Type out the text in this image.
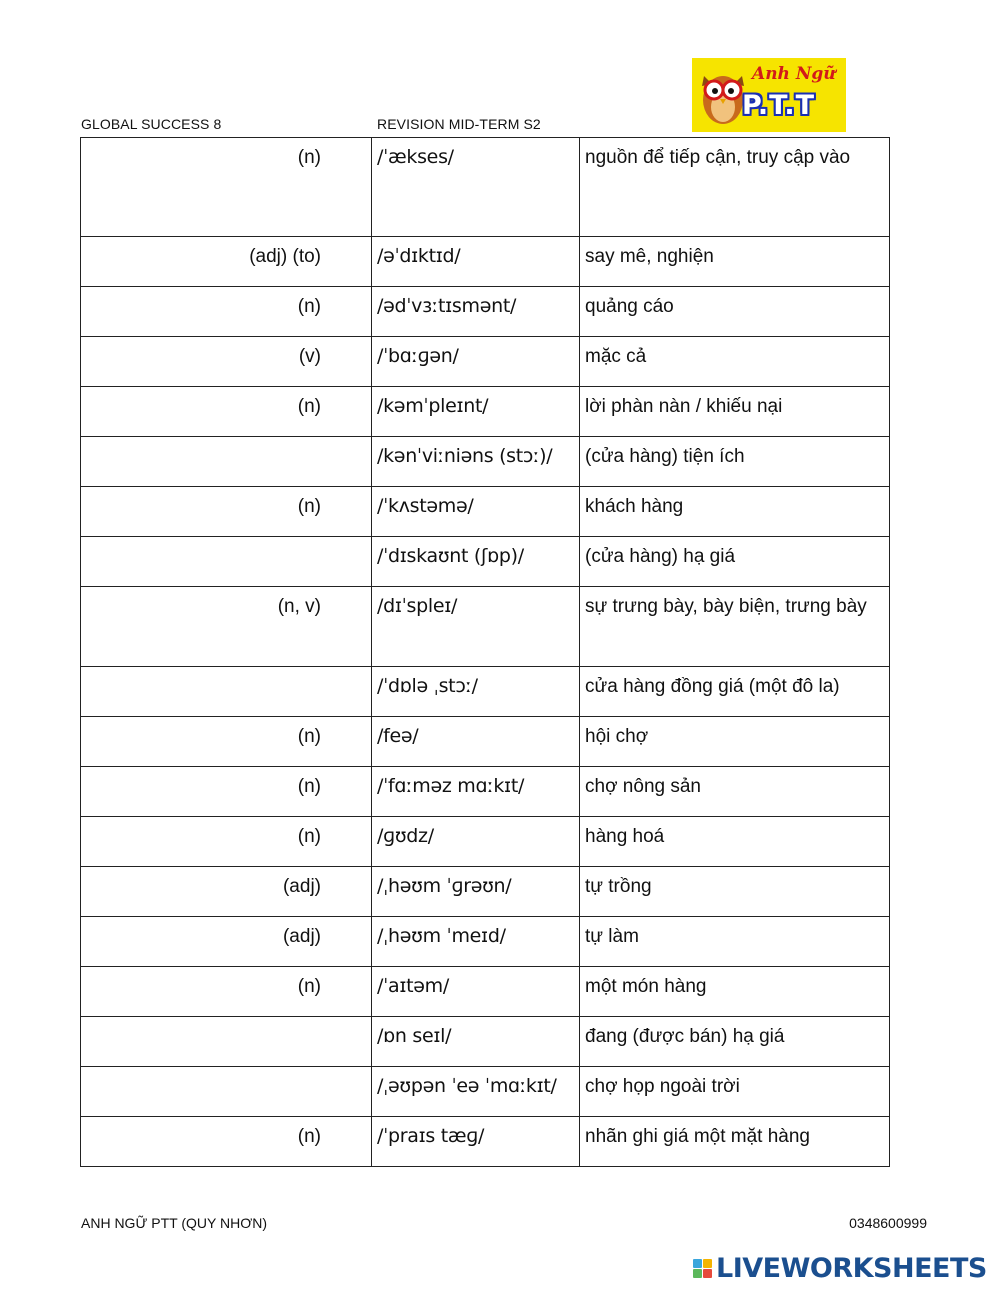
GLOBAL SUCCESS 8	REVISION MID-TERM S2
Anh Ngữ
P.T.T
(n)	/ˈækses/	nguồn để tiếp cận, truy cập vào
(adj) (to)	/əˈdɪktɪd/	say mê, nghiện
(n)	/ədˈvɜːtɪsmənt/	quảng cáo
(v)	/ˈbɑːɡən/	mặc cả
(n)	/kəmˈpleɪnt/	lời phàn nàn / khiếu nại
	/kənˈviːniəns (stɔː)/	(cửa hàng) tiện ích
(n)	/ˈkʌstəmə/	khách hàng
	/ˈdɪskaʊnt (ʃɒp)/	(cửa hàng) hạ giá
(n, v)	/dɪˈspleɪ/	sự trưng bày, bày biện, trưng bày
	/ˈdɒlə ˌstɔː/	cửa hàng đồng giá (một đô la)
(n)	/feə/	hội chợ
(n)	/ˈfɑːməz mɑːkɪt/	chợ nông sản
(n)	/ɡʊdz/	hàng hoá
(adj)	/ˌhəʊm ˈɡrəʊn/	tự trồng
(adj)	/ˌhəʊm ˈmeɪd/	tự làm
(n)	/ˈaɪtəm/	một món hàng
	/ɒn seɪl/	đang (được bán) hạ giá
	/ˌəʊpən ˈeə ˈmɑːkɪt/	chợ họp ngoài trời
(n)	/ˈpraɪs tæɡ/	nhãn ghi giá một mặt hàng
ANH NGỮ PTT (QUY NHƠN)	0348600999
LIVEWORKSHEETS
